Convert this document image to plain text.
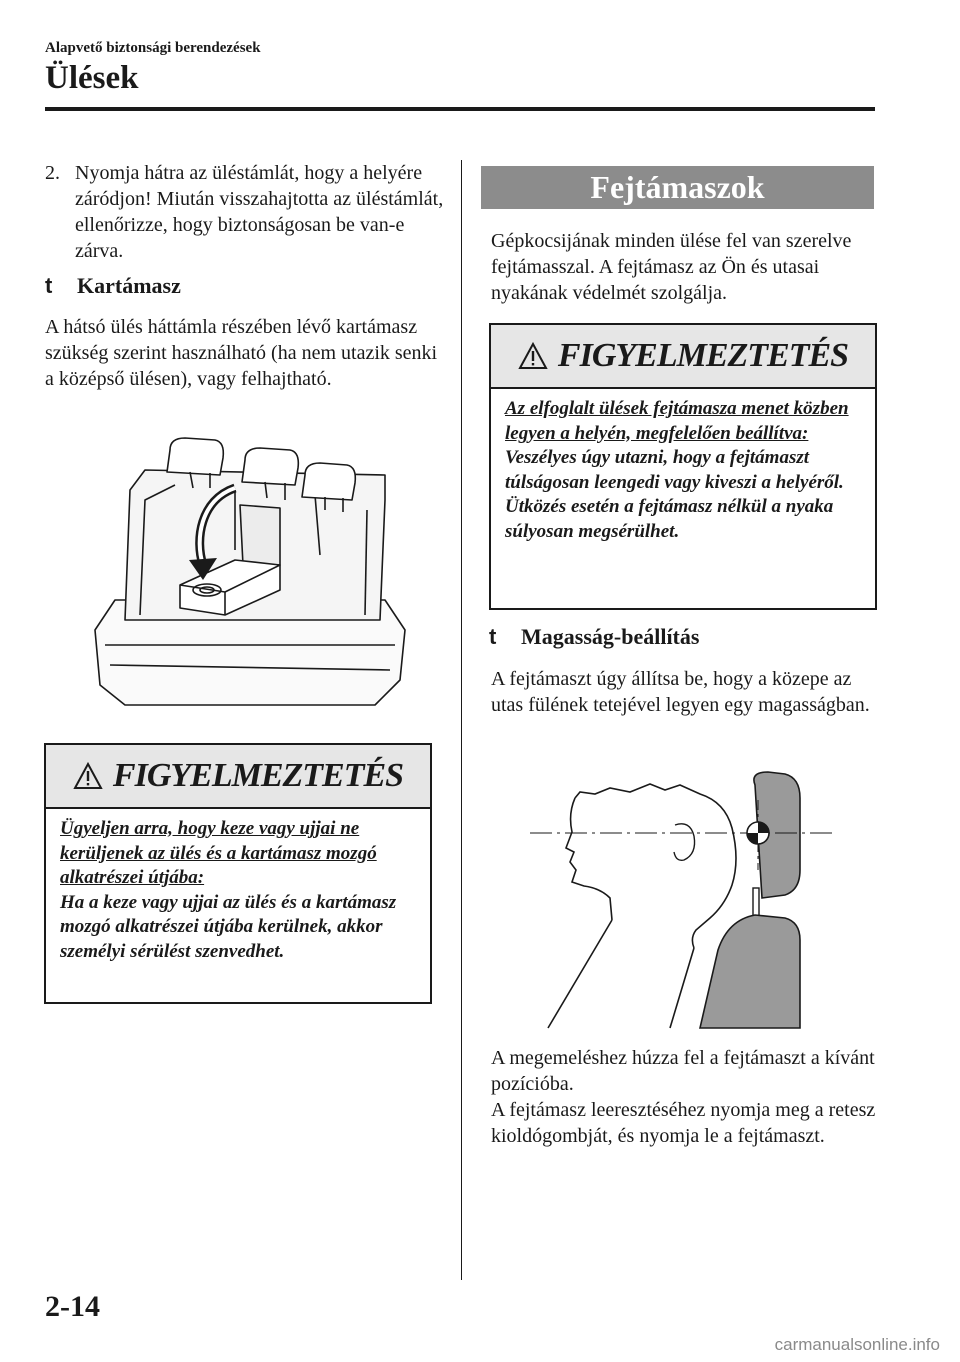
Alapvető biztonsági berendezések
Ülések
2. Nyomja hátra az üléstámlát, hogy a helyére záródjon! Miután visszahajtotta az üléstámlát, ellenőrizze, hogy biztonságosan be van-e zárva.
t Kartámasz
A hátsó ülés háttámla részében lévő kartámasz szükség szerint használható (ha nem utazik senki a középső ülésen), vagy felhajtható.
FIGYELMEZTETÉS
Ügyeljen arra, hogy keze vagy ujjai ne kerüljenek az ülés és a kartámasz mozgó alkatrészei útjába:
Ha a keze vagy ujjai az ülés és a kartámasz mozgó alkatrészei útjába kerülnek, akkor személyi sérülést szenvedhet.
Fejtámaszok
Gépkocsijának minden ülése fel van szerelve fejtámasszal. A fejtámasz az Ön és utasai nyakának védelmét szolgálja.
FIGYELMEZTETÉS
Az elfoglalt ülések fejtámasza menet közben legyen a helyén, megfelelően beállítva:
Veszélyes úgy utazni, hogy a fejtámaszt túlságosan leengedi vagy kiveszi a helyéről. Ütközés esetén a fejtámasz nélkül a nyaka súlyosan megsérülhet.
t Magasság-beállítás
A fejtámaszt úgy állítsa be, hogy a közepe az utas fülének tetejével legyen egy magasságban.
A megemeléshez húzza fel a fejtámaszt a kívánt pozícióba.
A fejtámasz leeresztéséhez nyomja meg a retesz kioldógombját, és nyomja le a fejtámaszt.
2-14
carmanualsonline.info
